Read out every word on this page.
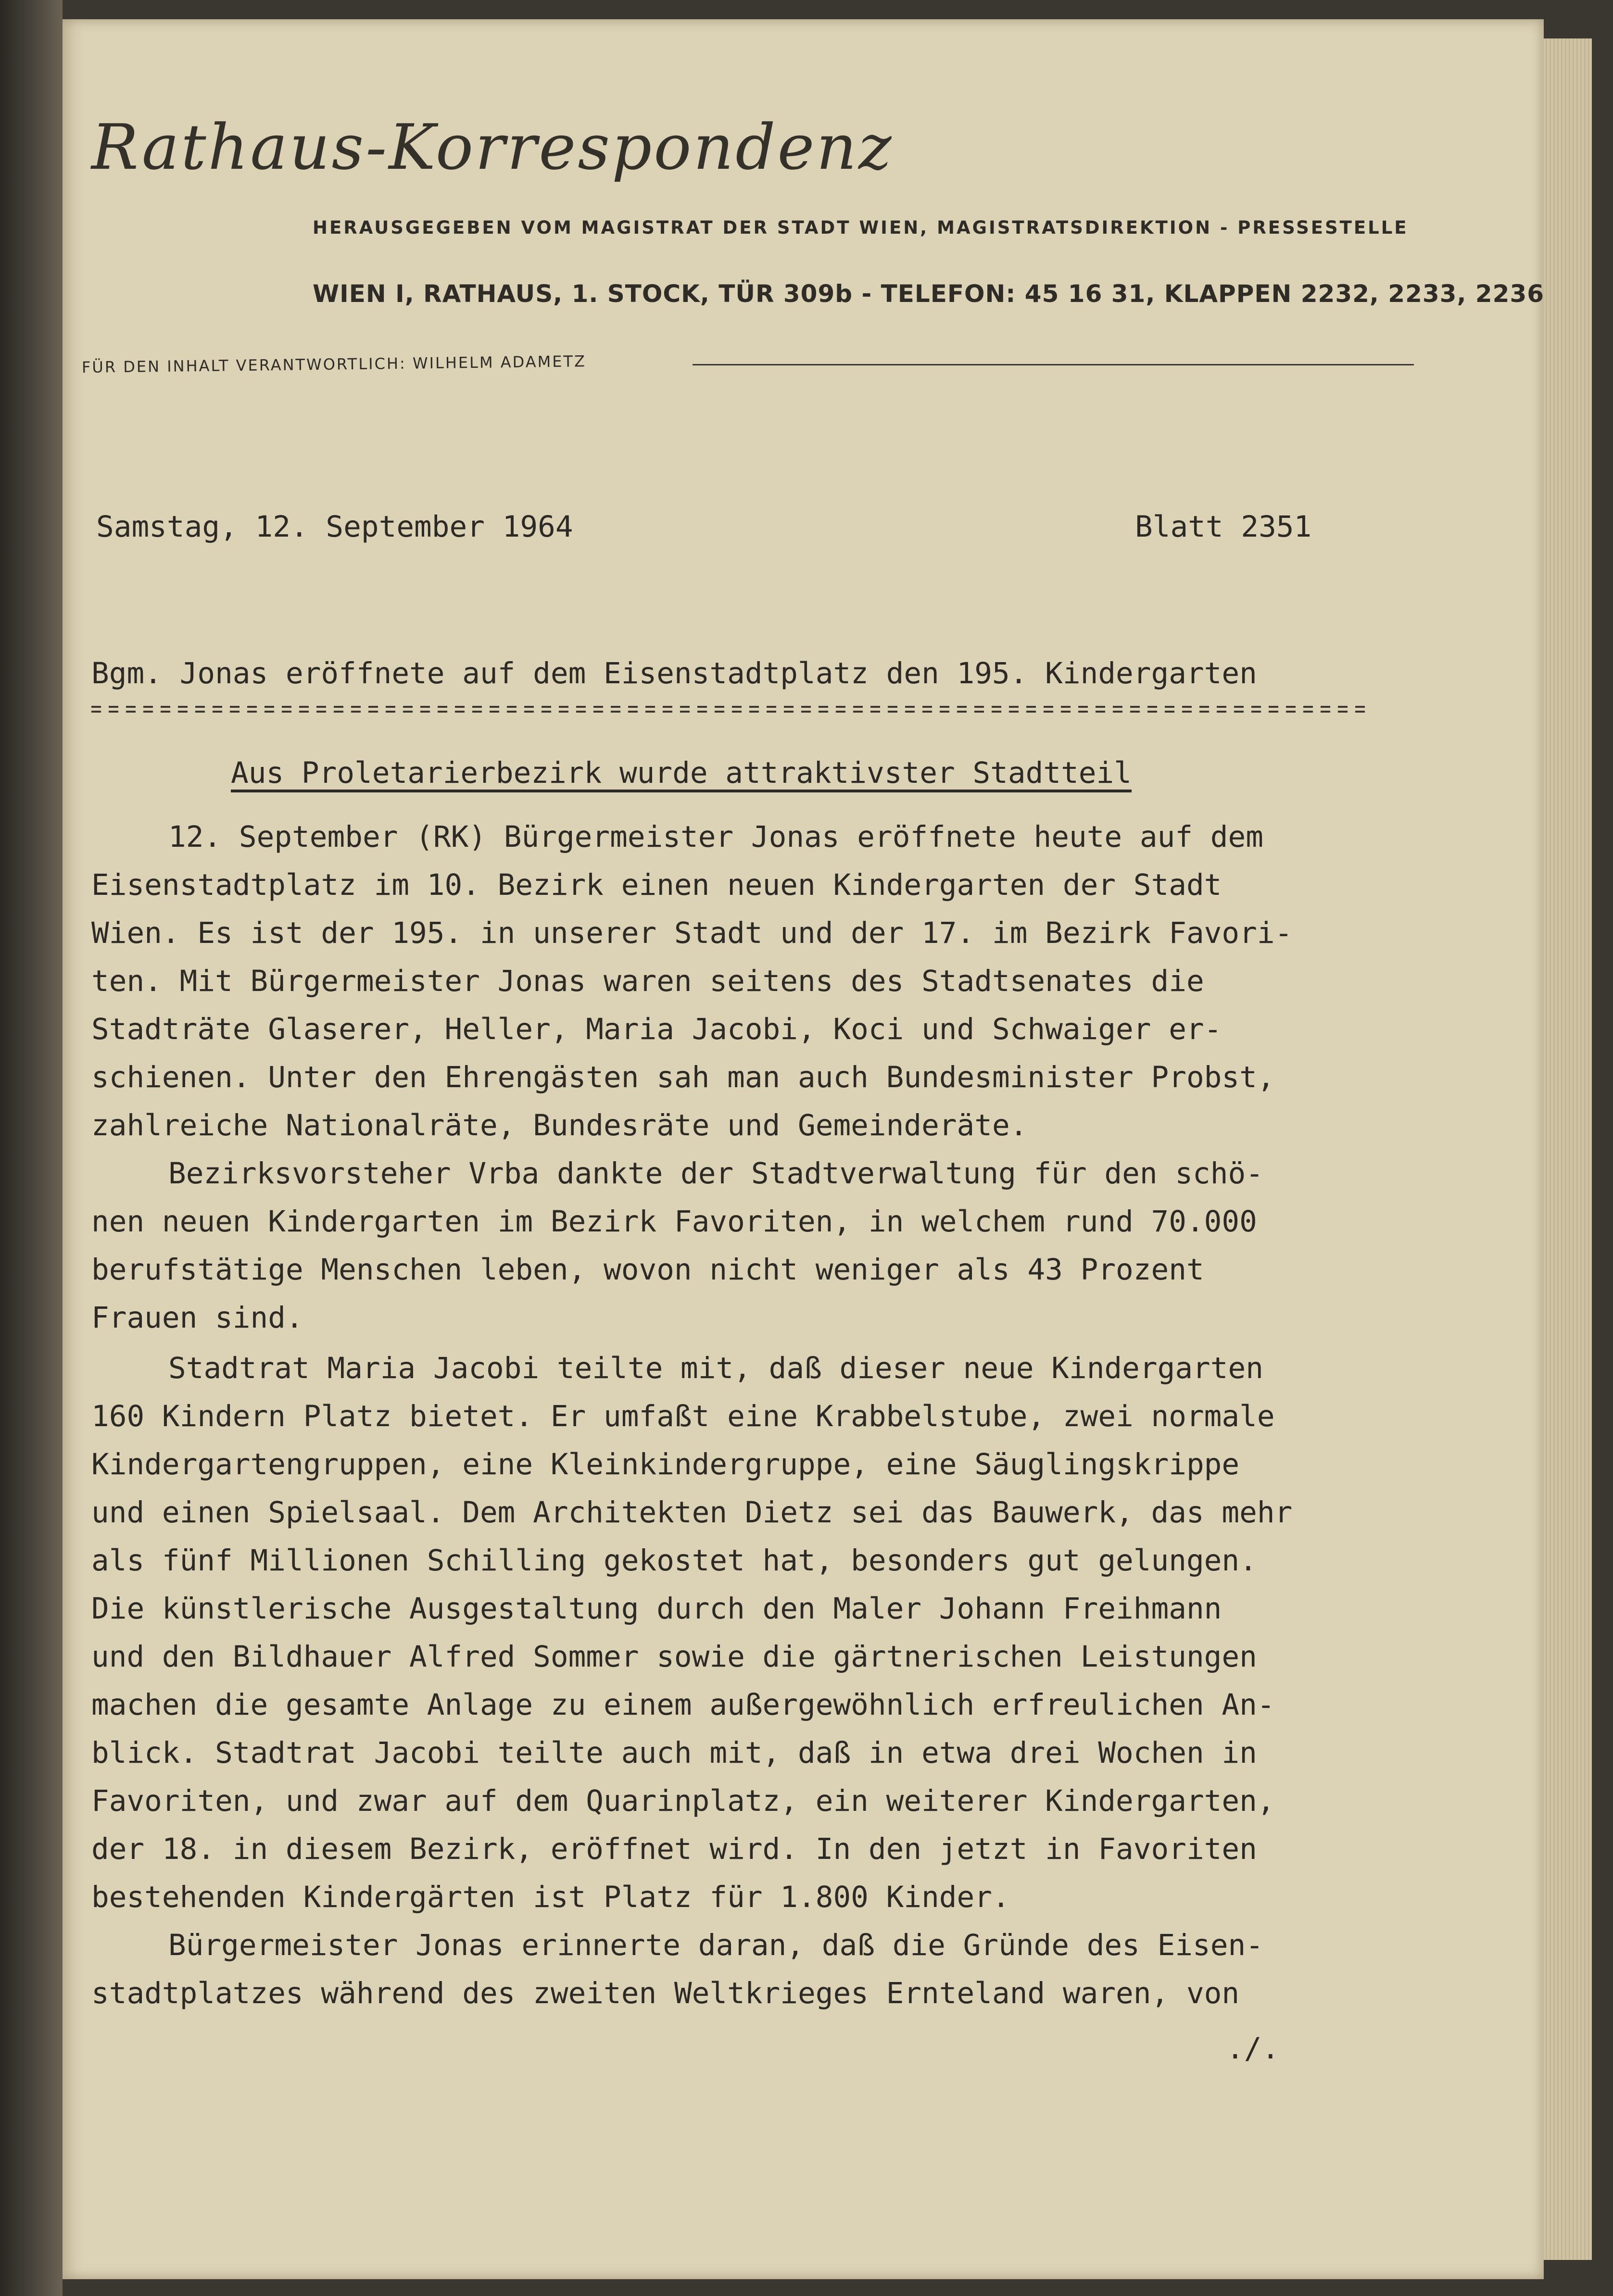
Rathaus-Korrespondenz
HERAUSGEGEBEN VOM MAGISTRAT DER STADT WIEN, MAGISTRATSDIREKTION - PRESSESTELLE
WIEN I, RATHAUS, 1. STOCK, TÜR 309b - TELEFON: 45 16 31, KLAPPEN 2232, 2233, 2236
FÜR DEN INHALT VERANTWORTLICH: WILHELM ADAMETZ
Samstag, 12. September 1964	Blatt 2351
Bgm. Jonas eröffnete auf dem Eisenstadtplatz den 195. Kindergarten
Aus Proletarierbezirk wurde attraktivster Stadtteil
12. September (RK) Bürgermeister Jonas eröffnete heute auf dem
Eisenstadtplatz im 10. Bezirk einen neuen Kindergarten der Stadt
Wien. Es ist der 195. in unserer Stadt und der 17. im Bezirk Favori-
ten. Mit Bürgermeister Jonas waren seitens des Stadtsenates die
Stadträte Glaserer, Heller, Maria Jacobi, Koci und Schwaiger er-
schienen. Unter den Ehrengästen sah man auch Bundesminister Probst,
zahlreiche Nationalräte, Bundesräte und Gemeinderäte.
Bezirksvorsteher Vrba dankte der Stadtverwaltung für den schö-
nen neuen Kindergarten im Bezirk Favoriten, in welchem rund 70.000
berufstätige Menschen leben, wovon nicht weniger als 43 Prozent
Frauen sind.
Stadtrat Maria Jacobi teilte mit, daß dieser neue Kindergarten
160 Kindern Platz bietet. Er umfaßt eine Krabbelstube, zwei normale
Kindergartengruppen, eine Kleinkindergruppe, eine Säuglingskrippe
und einen Spielsaal. Dem Architekten Dietz sei das Bauwerk, das mehr
als fünf Millionen Schilling gekostet hat, besonders gut gelungen.
Die künstlerische Ausgestaltung durch den Maler Johann Freihmann
und den Bildhauer Alfred Sommer sowie die gärtnerischen Leistungen
machen die gesamte Anlage zu einem außergewöhnlich erfreulichen An-
blick. Stadtrat Jacobi teilte auch mit, daß in etwa drei Wochen in
Favoriten, und zwar auf dem Quarinplatz, ein weiterer Kindergarten,
der 18. in diesem Bezirk, eröffnet wird. In den jetzt in Favoriten
bestehenden Kindergärten ist Platz für 1.800 Kinder.
Bürgermeister Jonas erinnerte daran, daß die Gründe des Eisen-
stadtplatzes während des zweiten Weltkrieges Ernteland waren, von
./.
